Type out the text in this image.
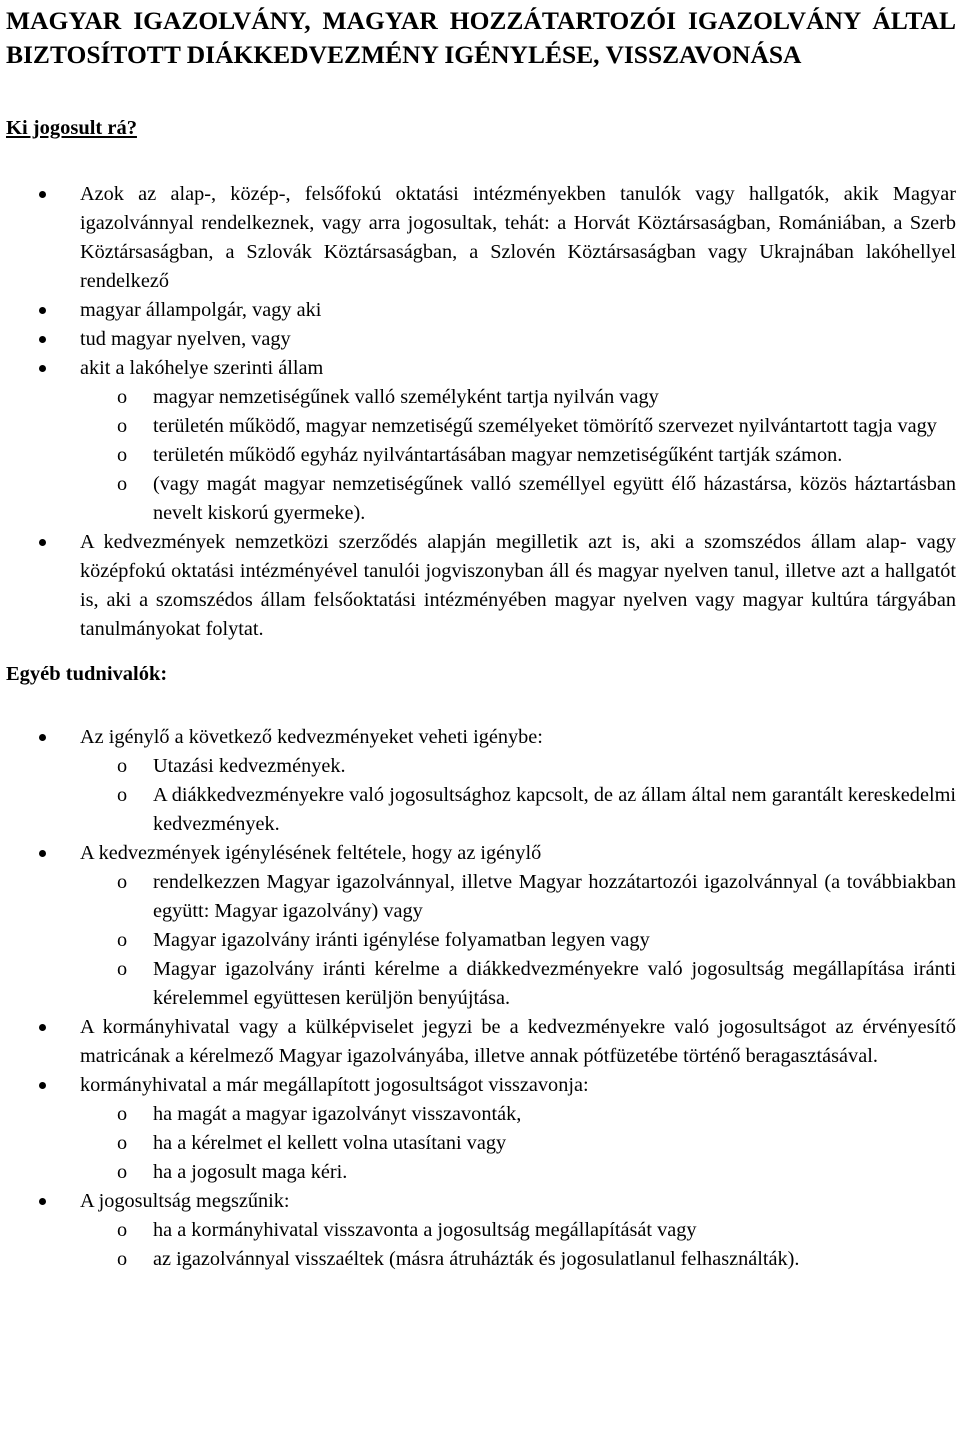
MAGYAR IGAZOLVÁNY, MAGYAR HOZZÁTARTOZÓI IGAZOLVÁNY ÁLTAL BIZTOSÍTOTT DIÁKKEDVEZMÉNY IGÉNYLÉSE, VISSZAVONÁSA
Ki jogosult rá?
Azok az alap-, közép-, felsőfokú oktatási intézményekben tanulók vagy hallgatók, akik Magyar igazolvánnyal rendelkeznek, vagy arra jogosultak, tehát: a Horvát Köztársaságban, Romániában, a Szerb Köztársaságban, a Szlovák Köztársaságban, a Szlovén Köztársaságban vagy Ukrajnában lakóhellyel rendelkező
magyar állampolgár, vagy aki
tud magyar nyelven, vagy
akit a lakóhelye szerinti állam
o magyar nemzetiségűnek valló személyként tartja nyilván vagy
o területén működő, magyar nemzetiségű személyeket tömörítő szervezet nyilvántartott tagja vagy
o területén működő egyház nyilvántartásában magyar nemzetiségűként tartják számon.
o (vagy magát magyar nemzetiségűnek valló személlyel együtt élő házastársa, közös háztartásban nevelt kiskorú gyermeke).
A kedvezmények nemzetközi szerződés alapján megilletik azt is, aki a szomszédos állam alap- vagy középfokú oktatási intézményével tanulói jogviszonyban áll és magyar nyelven tanul, illetve azt a hallgatót is, aki a szomszédos állam felsőoktatási intézményében magyar nyelven vagy magyar kultúra tárgyában tanulmányokat folytat.
Egyéb tudnivalók:
Az igénylő a következő kedvezményeket veheti igénybe:
o Utazási kedvezmények.
o A diákkedvezményekre való jogosultsághoz kapcsolt, de az állam által nem garantált kereskedelmi kedvezmények.
A kedvezmények igénylésének feltétele, hogy az igénylő
o rendelkezzen Magyar igazolvánnyal, illetve Magyar hozzátartozói igazolvánnyal (a továbbiakban együtt: Magyar igazolvány) vagy
o Magyar igazolvány iránti igénylése folyamatban legyen vagy
o Magyar igazolvány iránti kérelme a diákkedvezményekre való jogosultság megállapítása iránti kérelemmel együttesen kerüljön benyújtása.
A kormányhivatal vagy a külképviselet jegyzi be a kedvezményekre való jogosultságot az érvényesítő matricának a kérelmező Magyar igazolványába, illetve annak pótfüzetébe történő beragasztásával.
kormányhivatal a már megállapított jogosultságot visszavonja:
o ha magát a magyar igazolványt visszavonták,
o ha a kérelmet el kellett volna utasítani vagy
o ha a jogosult maga kéri.
A jogosultság megszűnik:
o ha a kormányhivatal visszavonta a jogosultság megállapítását vagy
o az igazolvánnyal visszaéltek (másra átruházták és jogosulatlanul felhasználták).
